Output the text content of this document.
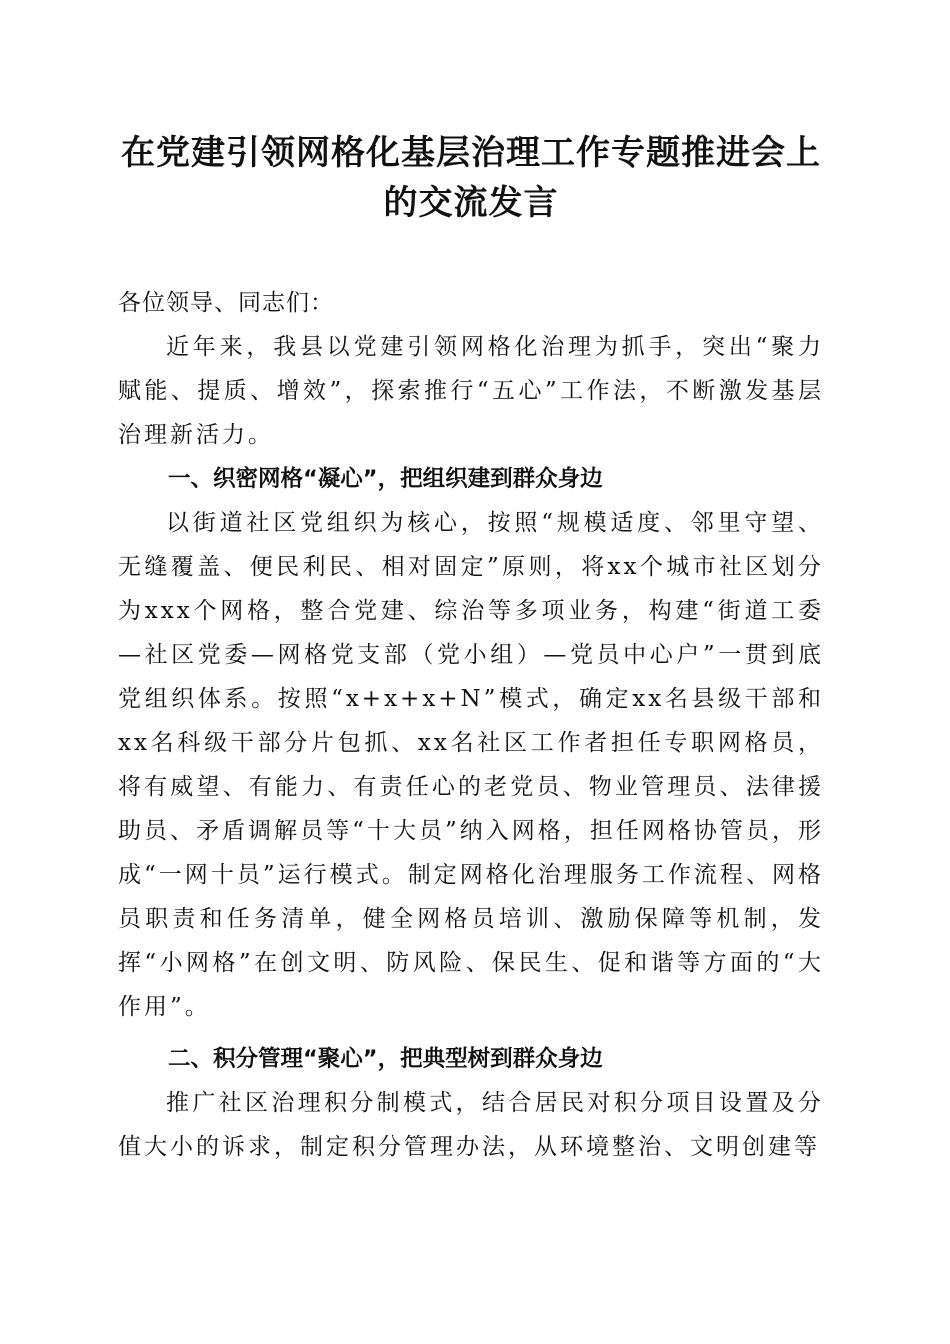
在党建引领网格化基层治理工作专题推进会上
的交流发言

各位领导、同志们：

近年来，我县以党建引领网格化治理为抓手，突出“聚力赋能、提质、增效”，探索推行“五心”工作法，不断激发基层治理新活力。

一、织密网格“凝心”，把组织建到群众身边

以街道社区党组织为核心，按照“规模适度、邻里守望、无缝覆盖、便民利民、相对固定”原则，将xx个城市社区划分为xxx个网格，整合党建、综治等多项业务，构建“街道工委—社区党委—网格党支部（党小组）—党员中心户”一贯到底党组织体系。按照“x+x+x+N”模式，确定xx名县级干部和xx名科级干部分片包抓、xx名社区工作者担任专职网格员，将有威望、有能力、有责任心的老党员、物业管理员、法律援助员、矛盾调解员等“十大员”纳入网格，担任网格协管员，形成“一网十员”运行模式。制定网格化治理服务工作流程、网格员职责和任务清单，健全网格员培训、激励保障等机制，发挥“小网格”在创文明、防风险、保民生、促和谐等方面的“大作用”。

二、积分管理“聚心”，把典型树到群众身边

推广社区治理积分制模式，结合居民对积分项目设置及分值大小的诉求，制定积分管理办法，从环境整治、文明创建等
